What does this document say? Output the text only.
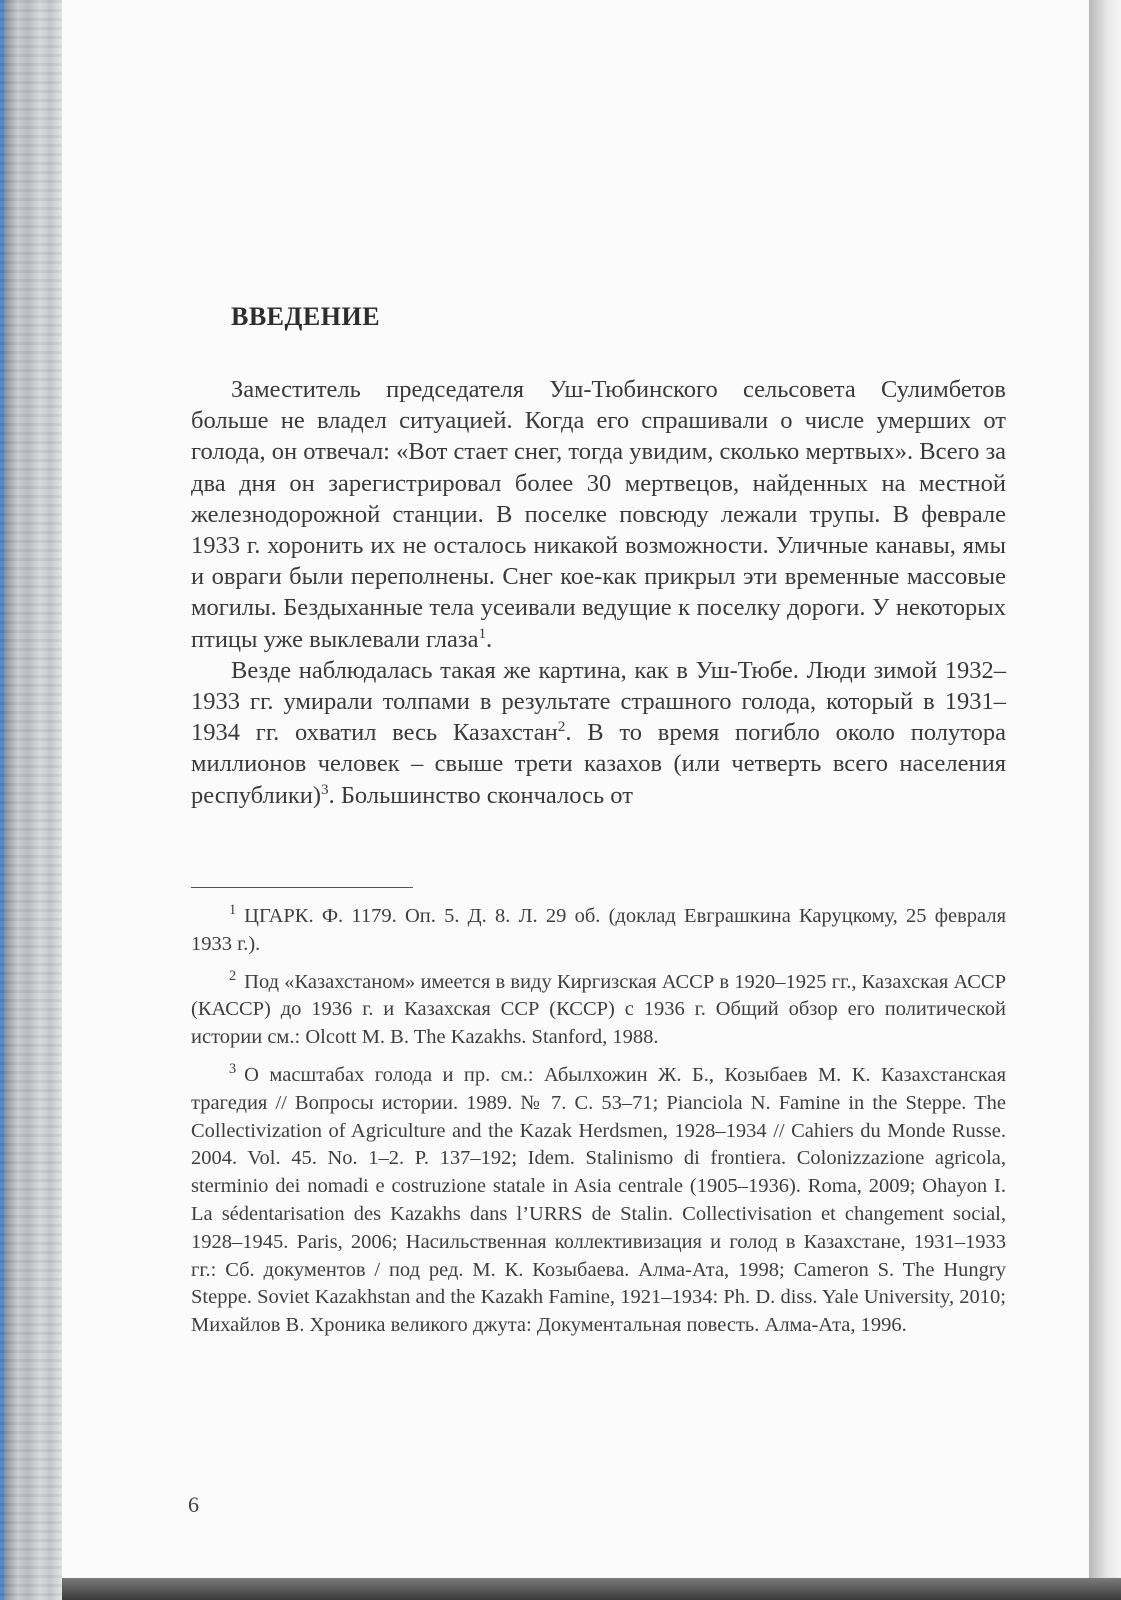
ВВЕДЕНИЕ

Заместитель председателя Уш-Тюбинского сельсовета Сулимбетов больше не владел ситуацией. Когда его спрашивали о числе умерших от голода, он отвечал: «Вот стает снег, тогда увидим, сколько мертвых». Всего за два дня он зарегистрировал более 30 мертвецов, найденных на местной железнодорожной станции. В поселке повсюду лежали трупы. В феврале 1933 г. хоронить их не осталось никакой возможности. Уличные канавы, ямы и овраги были переполнены. Снег кое-как прикрыл эти временные массовые могилы. Бездыханные тела усеивали ведущие к поселку дороги. У некоторых птицы уже выклевали глаза$^1$.

Везде наблюдалась такая же картина, как в Уш-Тюбе. Люди зимой 1932–1933 гг. умирали толпами в результате страшного голода, который в 1931–1934 гг. охватил весь Казахстан$^2$. В то время погибло около полутора миллионов человек – свыше трети казахов (или четверть всего населения республики)$^3$. Большинство скончалось от

$^1$ ЦГАРК. Ф. 1179. Оп. 5. Д. 8. Л. 29 об. (доклад Евграшкина Каруцкому, 25 февраля 1933 г.).

$^2$ Под «Казахстаном» имеется в виду Киргизская АССР в 1920–1925 гг., Казахская АССР (КАССР) до 1936 г. и Казахская ССР (КССР) с 1936 г. Общий обзор его политической истории см.: Olcott M. B. The Kazakhs. Stanford, 1988.

$^3$ О масштабах голода и пр. см.: Абылхожин Ж. Б., Козыбаев М. К. Казахстанская трагедия // Вопросы истории. 1989. № 7. С. 53–71; Pianciola N. Famine in the Steppe. The Collectivization of Agriculture and the Kazak Herdsmen, 1928–1934 // Cahiers du Monde Russe. 2004. Vol. 45. No. 1–2. P. 137–192; Idem. Stalinismo di frontiera. Colonizzazione agricola, sterminio dei nomadi e costruzione statale in Asia centrale (1905–1936). Roma, 2009; Ohayon I. La sédentarisation des Kazakhs dans l’URRS de Stalin. Collectivisation et changement social, 1928–1945. Paris, 2006; Насильственная коллективизация и голод в Казахстане, 1931–1933 гг.: Сб. документов / под ред. М. К. Козыбаева. Алма-Ата, 1998; Cameron S. The Hungry Steppe. Soviet Kazakhstan and the Kazakh Famine, 1921–1934: Ph. D. diss. Yale University, 2010; Михайлов В. Хроника великого джута: Документальная повесть. Алма-Ата, 1996.

6
